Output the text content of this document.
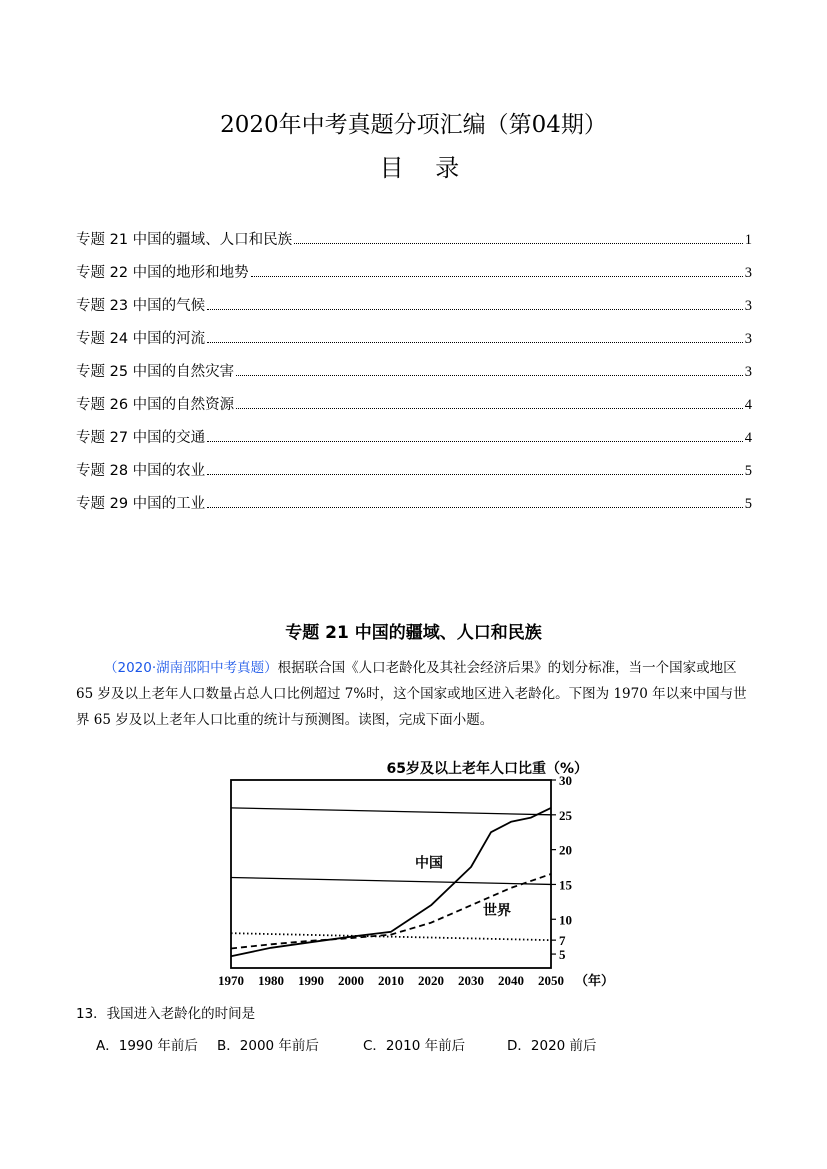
2020年中考真题分项汇编（第04期）
目 录
专题 21 中国的疆域、人口和民族	1
专题 22 中国的地形和地势	3
专题 23 中国的气候	3
专题 24 中国的河流	3
专题 25 中国的自然灾害	3
专题 26 中国的自然资源	4
专题 27 中国的交通	4
专题 28 中国的农业	5
专题 29 中国的工业	5
专题 21 中国的疆域、人口和民族
（2020·湖南邵阳中考真题）根据联合国《人口老龄化及其社会经济后果》的划分标准，当一个国家或地区 65 岁及以上老年人口数量占总人口比例超过 7%时，这个国家或地区进入老龄化。下图为 1970 年以来中国与世界 65 岁及以上老年人口比重的统计与预测图。读图，完成下面小题。
65岁及以上老年人口比重（%）
5
7
10
15
20
25
30
1970 1980 1990 2000 2010 2020 2030 2040 2050 （年）
中国
世界
13．我国进入老龄化的时间是
A．1990 年前后 B．2000 年前后	C．2010 年前后	D．2020 前后
